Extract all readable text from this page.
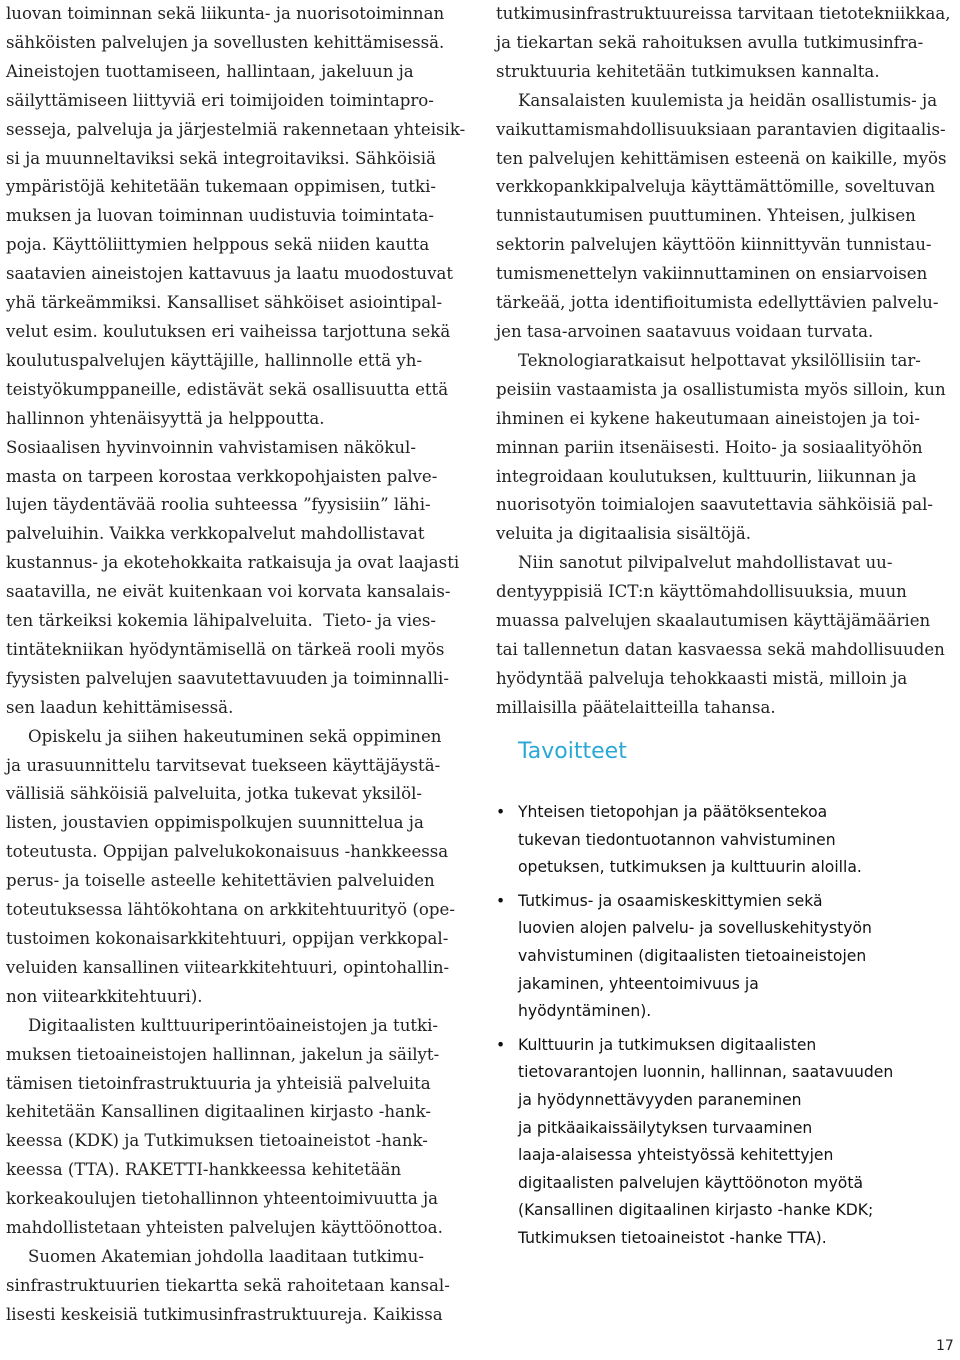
luovan toiminnan sekä liikunta- ja nuorisotoiminnan
sähköisten palvelujen ja sovellusten kehittämisessä.
Aineistojen tuottamiseen, hallintaan, jakeluun ja
säilyttämiseen liittyviä eri toimijoiden toimintapro-
sesseja, palveluja ja järjestelmiä rakennetaan yhteisik-
si ja muunneltaviksi sekä integroitaviksi. Sähköisiä
ympäristöjä kehitetään tukemaan oppimisen, tutki-
muksen ja luovan toiminnan uudistuvia toimintata-
poja. Käyttöliittymien helppous sekä niiden kautta
saatavien aineistojen kattavuus ja laatu muodostuvat
yhä tärkeämmiksi. Kansalliset sähköiset asiointipal-
velut esim. koulutuksen eri vaiheissa tarjottuna sekä
koulutuspalvelujen käyttäjille, hallinnolle että yh-
teistyökumppaneille, edistävät sekä osallisuutta että
hallinnon yhtenäisyyttä ja helppoutta.
Sosiaalisen hyvinvoinnin vahvistamisen näkökul-
masta on tarpeen korostaa verkkopohjaisten palve-
lujen täydentävää roolia suhteessa ”fyysisiin” lähi-
palveluihin. Vaikka verkkopalvelut mahdollistavat
kustannus- ja ekotehokkaita ratkaisuja ja ovat laajasti
saatavilla, ne eivät kuitenkaan voi korvata kansalais-
ten tärkeiksi kokemia lähipalveluita.  Tieto- ja vies-
tintätekniikan hyödyntämisellä on tärkeä rooli myös
fyysisten palvelujen saavutettavuuden ja toiminnalli-
sen laadun kehittämisessä.
Opiskelu ja siihen hakeutuminen sekä oppiminen
ja urasuunnittelu tarvitsevat tuekseen käyttäjäystä-
vällisiä sähköisiä palveluita, jotka tukevat yksilöl-
listen, joustavien oppimispolkujen suunnittelua ja
toteutusta. Oppijan palvelukokonaisuus -hankkeessa
perus- ja toiselle asteelle kehitettävien palveluiden
toteutuksessa lähtökohtana on arkkitehtuurityö (ope-
tustoimen kokonaisarkkitehtuuri, oppijan verkkopal-
veluiden kansallinen viitearkkitehtuuri, opintohallin-
non viitearkkitehtuuri).
Digitaalisten kulttuuriperintöaineistojen ja tutki-
muksen tietoaineistojen hallinnan, jakelun ja säilyt-
tämisen tietoinfrastruktuuria ja yhteisiä palveluita
kehitetään Kansallinen digitaalinen kirjasto -hank-
keessa (KDK) ja Tutkimuksen tietoaineistot -hank-
keessa (TTA). RAKETTI-hankkeessa kehitetään
korkeakoulujen tietohallinnon yhteentoimivuutta ja
mahdollistetaan yhteisten palvelujen käyttöönottoa.
Suomen Akatemian johdolla laaditaan tutkimu-
sinfrastruktuurien tiekartta sekä rahoitetaan kansal-
lisesti keskeisiä tutkimusinfrastruktuureja. Kaikissa
tutkimusinfrastruktuureissa tarvitaan tietotekniikkaa,
ja tiekartan sekä rahoituksen avulla tutkimusinfra-
struktuuria kehitetään tutkimuksen kannalta.
Kansalaisten kuulemista ja heidän osallistumis- ja
vaikuttamismahdollisuuksiaan parantavien digitaalis-
ten palvelujen kehittämisen esteenä on kaikille, myös
verkkopankkipalveluja käyttämättömille, soveltuvan
tunnistautumisen puuttuminen. Yhteisen, julkisen
sektorin palvelujen käyttöön kiinnittyvän tunnistau-
tumismenettelyn vakiinnuttaminen on ensiarvoisen
tärkeää, jotta identifioitumista edellyttävien palvelu-
jen tasa-arvoinen saatavuus voidaan turvata.
Teknologiaratkaisut helpottavat yksilöllisiin tar-
peisiin vastaamista ja osallistumista myös silloin, kun
ihminen ei kykene hakeutumaan aineistojen ja toi-
minnan pariin itsenäisesti. Hoito- ja sosiaalityöhön
integroidaan koulutuksen, kulttuurin, liikunnan ja
nuorisotyön toimialojen saavutettavia sähköisiä pal-
veluita ja digitaalisia sisältöjä.
Niin sanotut pilvipalvelut mahdollistavat uu-
dentyyppisiä ICT:n käyttömahdollisuuksia, muun
muassa palvelujen skaalautumisen käyttäjämäärien
tai tallennetun datan kasvaessa sekä mahdollisuuden
hyödyntää palveluja tehokkaasti mistä, milloin ja
millaisilla päätelaitteilla tahansa.
Tavoitteet
• Yhteisen tietopohjan ja päätöksentekoa
tukevan tiedontuotannon vahvistuminen
opetuksen, tutkimuksen ja kulttuurin aloilla.
• Tutkimus- ja osaamiskeskittymien sekä
luovien alojen palvelu- ja sovelluskehitystyön
vahvistuminen (digitaalisten tietoaineistojen
jakaminen, yhteentoimivuus ja
hyödyntäminen).
• Kulttuurin ja tutkimuksen digitaalisten
tietovarantojen luonnin, hallinnan, saatavuuden
ja hyödynnettävyyden paraneminen
ja pitkäaikaissäilytyksen turvaaminen
laaja-alaisessa yhteistyössä kehitettyjen
digitaalisten palvelujen käyttöönoton myötä
(Kansallinen digitaalinen kirjasto -hanke KDK;
Tutkimuksen tietoaineistot -hanke TTA).
17
